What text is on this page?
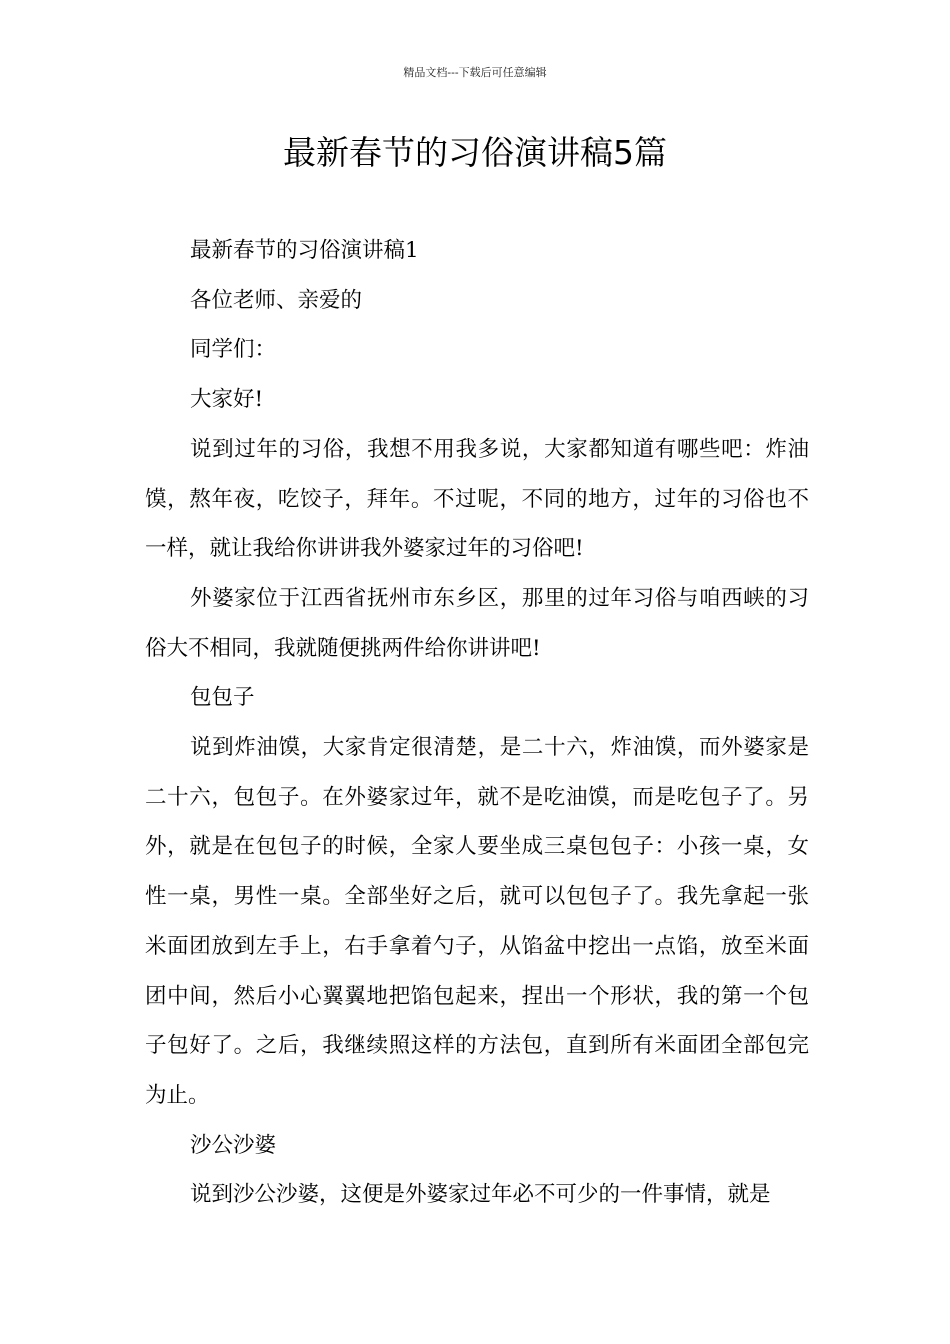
精品文档---下载后可任意编辑
最新春节的习俗演讲稿5篇

最新春节的习俗演讲稿1

各位老师、亲爱的

同学们：

大家好!

说到过年的习俗，我想不用我多说，大家都知道有哪些吧：炸油馍，熬年夜，吃饺子，拜年。不过呢，不同的地方，过年的习俗也不一样，就让我给你讲讲我外婆家过年的习俗吧!

外婆家位于江西省抚州市东乡区，那里的过年习俗与咱西峡的习俗大不相同，我就随便挑两件给你讲讲吧!

包包子

说到炸油馍，大家肯定很清楚，是二十六，炸油馍，而外婆家是二十六，包包子。在外婆家过年，就不是吃油馍，而是吃包子了。另外，就是在包包子的时候，全家人要坐成三桌包包子：小孩一桌，女性一桌，男性一桌。全部坐好之后，就可以包包子了。我先拿起一张米面团放到左手上，右手拿着勺子，从馅盆中挖出一点馅，放至米面团中间，然后小心翼翼地把馅包起来，捏出一个形状，我的第一个包子包好了。之后，我继续照这样的方法包，直到所有米面团全部包完为止。

沙公沙婆

说到沙公沙婆，这便是外婆家过年必不可少的一件事情，就是
